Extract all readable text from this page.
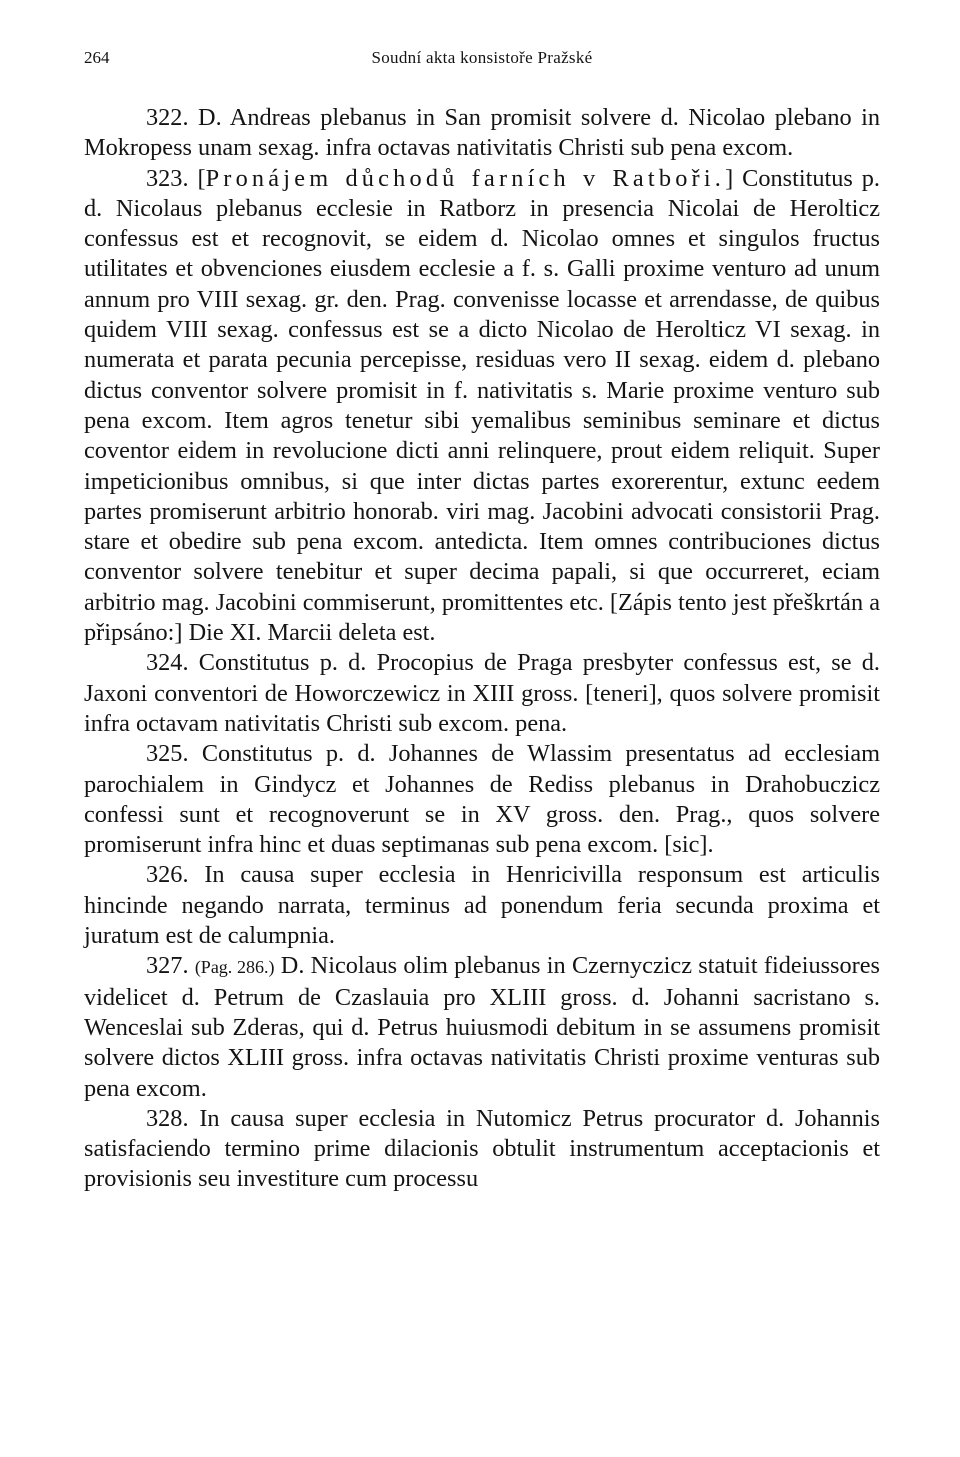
264	Soudní akta konsistoře Pražské

322. D. Andreas plebanus in San promisit solvere d. Nicolao plebano in Mokropess unam sexag. infra octavas nativitatis Christi sub pena excom.

323. [Pronájem důchodů farních v Ratboři.] Constitutus p. d. Nicolaus plebanus ecclesie in Ratborz in presencia Nicolai de Herolticz confessus est et recognovit, se eidem d. Nicolao omnes et singulos fructus utilitates et obvenciones eiusdem ecclesie a f. s. Galli proxime venturo ad unum annum pro VIII sexag. gr. den. Prag. convenisse locasse et arrendasse, de quibus quidem VIII sexag. confessus est se a dicto Nicolao de Herolticz VI sexag. in numerata et parata pecunia percepisse, residuas vero II sexag. eidem d. plebano dictus conventor solvere promisit in f. nativitatis s. Marie proxime venturo sub pena excom. Item agros tenetur sibi yemalibus seminibus seminare et dictus coventor eidem in revolucione dicti anni relinquere, prout eidem reliquit. Super impeticionibus omnibus, si que inter dictas partes exorerentur, extunc eedem partes promiserunt arbitrio honorab. viri mag. Jacobini advocati consistorii Prag. stare et obedire sub pena excom. antedicta. Item omnes contribuciones dictus conventor solvere tenebitur et super decima papali, si que occurreret, eciam arbitrio mag. Jacobini commiserunt, promittentes etc. [Zápis tento jest přeškrtán a připsáno:] Die XI. Marcii deleta est.

324. Constitutus p. d. Procopius de Praga presbyter confessus est, se d. Jaxoni conventori de Howorczewicz in XIII gross. [teneri], quos solvere promisit infra octavam nativitatis Christi sub excom. pena.

325. Constitutus p. d. Johannes de Wlassim presentatus ad ecclesiam parochialem in Gindycz et Johannes de Rediss plebanus in Drahobuczicz confessi sunt et recognoverunt se in XV gross. den. Prag., quos solvere promiserunt infra hinc et duas septimanas sub pena excom. [sic].

326. In causa super ecclesia in Henricivilla responsum est articulis hincinde negando narrata, terminus ad ponendum feria secunda proxima et juratum est de calumpnia.

327. (Pag. 286.) D. Nicolaus olim plebanus in Czernyczicz statuit fideiussores videlicet d. Petrum de Czaslauia pro XLIII gross. d. Johanni sacristano s. Wenceslai sub Zderas, qui d. Petrus huiusmodi debitum in se assumens promisit solvere dictos XLIII gross. infra octavas nativitatis Christi proxime venturas sub pena excom.

328. In causa super ecclesia in Nutomicz Petrus procurator d. Johannis satisfaciendo termino prime dilacionis obtulit instrumentum acceptacionis et provisionis seu investiture cum processu
